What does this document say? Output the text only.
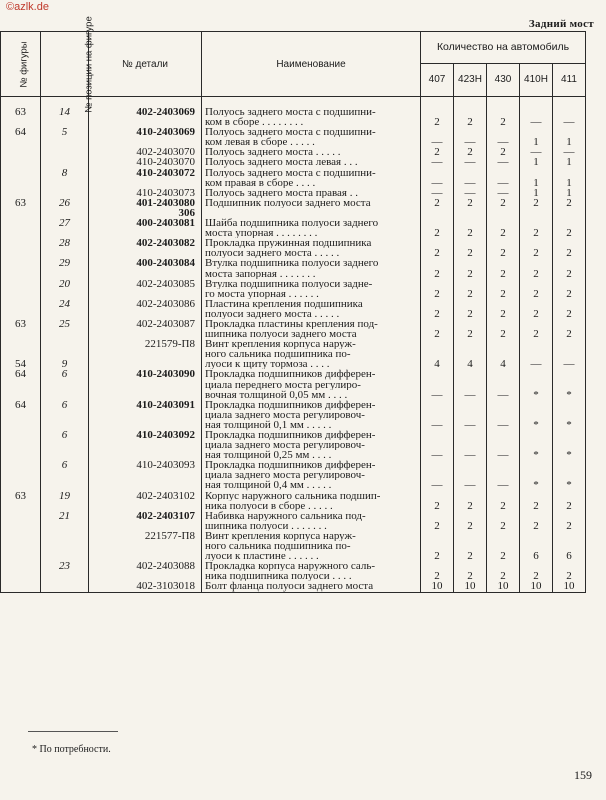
©azlk.de
Задний мост
№ фигуры	№ позиции на фигуре	№ детали	Наименование	Количество на автомобиль				
				407	423Н	430	410Н	411

63	14	402-2403069	Полуось заднего моста с подшипни-					
			ком в сборе . . . . . . . .	2	2	2	—	—
64	5	410-2403069	Полуось заднего моста с подшипни-					
			ком левая в сборе . . . . .	—	—	—	1	1
		402-2403070	Полуось заднего моста . . . . .	2	2	2	—	—
		410-2403070	Полуось заднего моста левая . . .	—	—	—	1	1
	8	410-2403072	Полуось заднего моста с подшипни-					
			ком правая в сборе . . . .	—	—	—	1	1
		410-2403073	Полуось заднего моста правая . .	—	—	—	1	1
63	26	401-2403080	Подшипник полуоси заднего моста	2	2	2	2	2
		306						
	27	400-2403081	Шайба подшипника полуоси заднего					
			моста упорная . . . . . . . .	2	2	2	2	2
	28	402-2403082	Прокладка пружинная подшипника					
			полуоси заднего моста . . . . .	2	2	2	2	2
	29	400-2403084	Втулка подшипника полуоси заднего					
			моста запорная . . . . . . .	2	2	2	2	2
	20	402-2403085	Втулка подшипника полуоси задне-					
			го моста упорная . . . . . .	2	2	2	2	2
	24	402-2403086	Пластина крепления подшипника					
			полуоси заднего моста . . . . .	2	2	2	2	2
63	25	402-2403087	Прокладка пластины крепления под-					
			шипника полуоси заднего моста	2	2	2	2	2
		221579-П8	Винт крепления корпуса наруж-					
			ного сальника подшипника по-					
54	9		луоси к щиту тормоза . . . .	4	4	4	—	—
64	6	410-2403090	Прокладка подшипников дифферен-					
			циала переднего моста регулиро-					
			вочная толщиной 0,05 мм . . . .	—	—	—	*	*
64	6	410-2403091	Прокладка подшипников дифферен-					
			циала заднего моста регулировоч-					
			ная толщиной 0,1 мм . . . . .	—	—	—	*	*
	6	410-2403092	Прокладка подшипников дифферен-					
			циала заднего моста регулировоч-					
			ная толщиной 0,25 мм . . . .	—	—	—	*	*
	6	410-2403093	Прокладка подшипников дифферен-					
			циала заднего моста регулировоч-					
			ная толщиной 0,4 мм . . . . .	—	—	—	*	*
63	19	402-2403102	Корпус наружного сальника подшип-					
			ника полуоси в сборе . . . . .	2	2	2	2	2
	21	402-2403107	Набивка наружного сальника под-					
			шипника полуоси . . . . . . .	2	2	2	2	2
		221577-П8	Винт крепления корпуса наруж-					
			ного сальника подшипника по-					
			луоси к пластине . . . . . .	2	2	2	6	6
	23	402-2403088	Прокладка корпуса наружного саль-					
			ника подшипника полуоси . . . .	2	2	2	2	2
		402-3103018	Болт фланца полуоси заднего моста	10	10	10	10	10
* По потребности.
159
